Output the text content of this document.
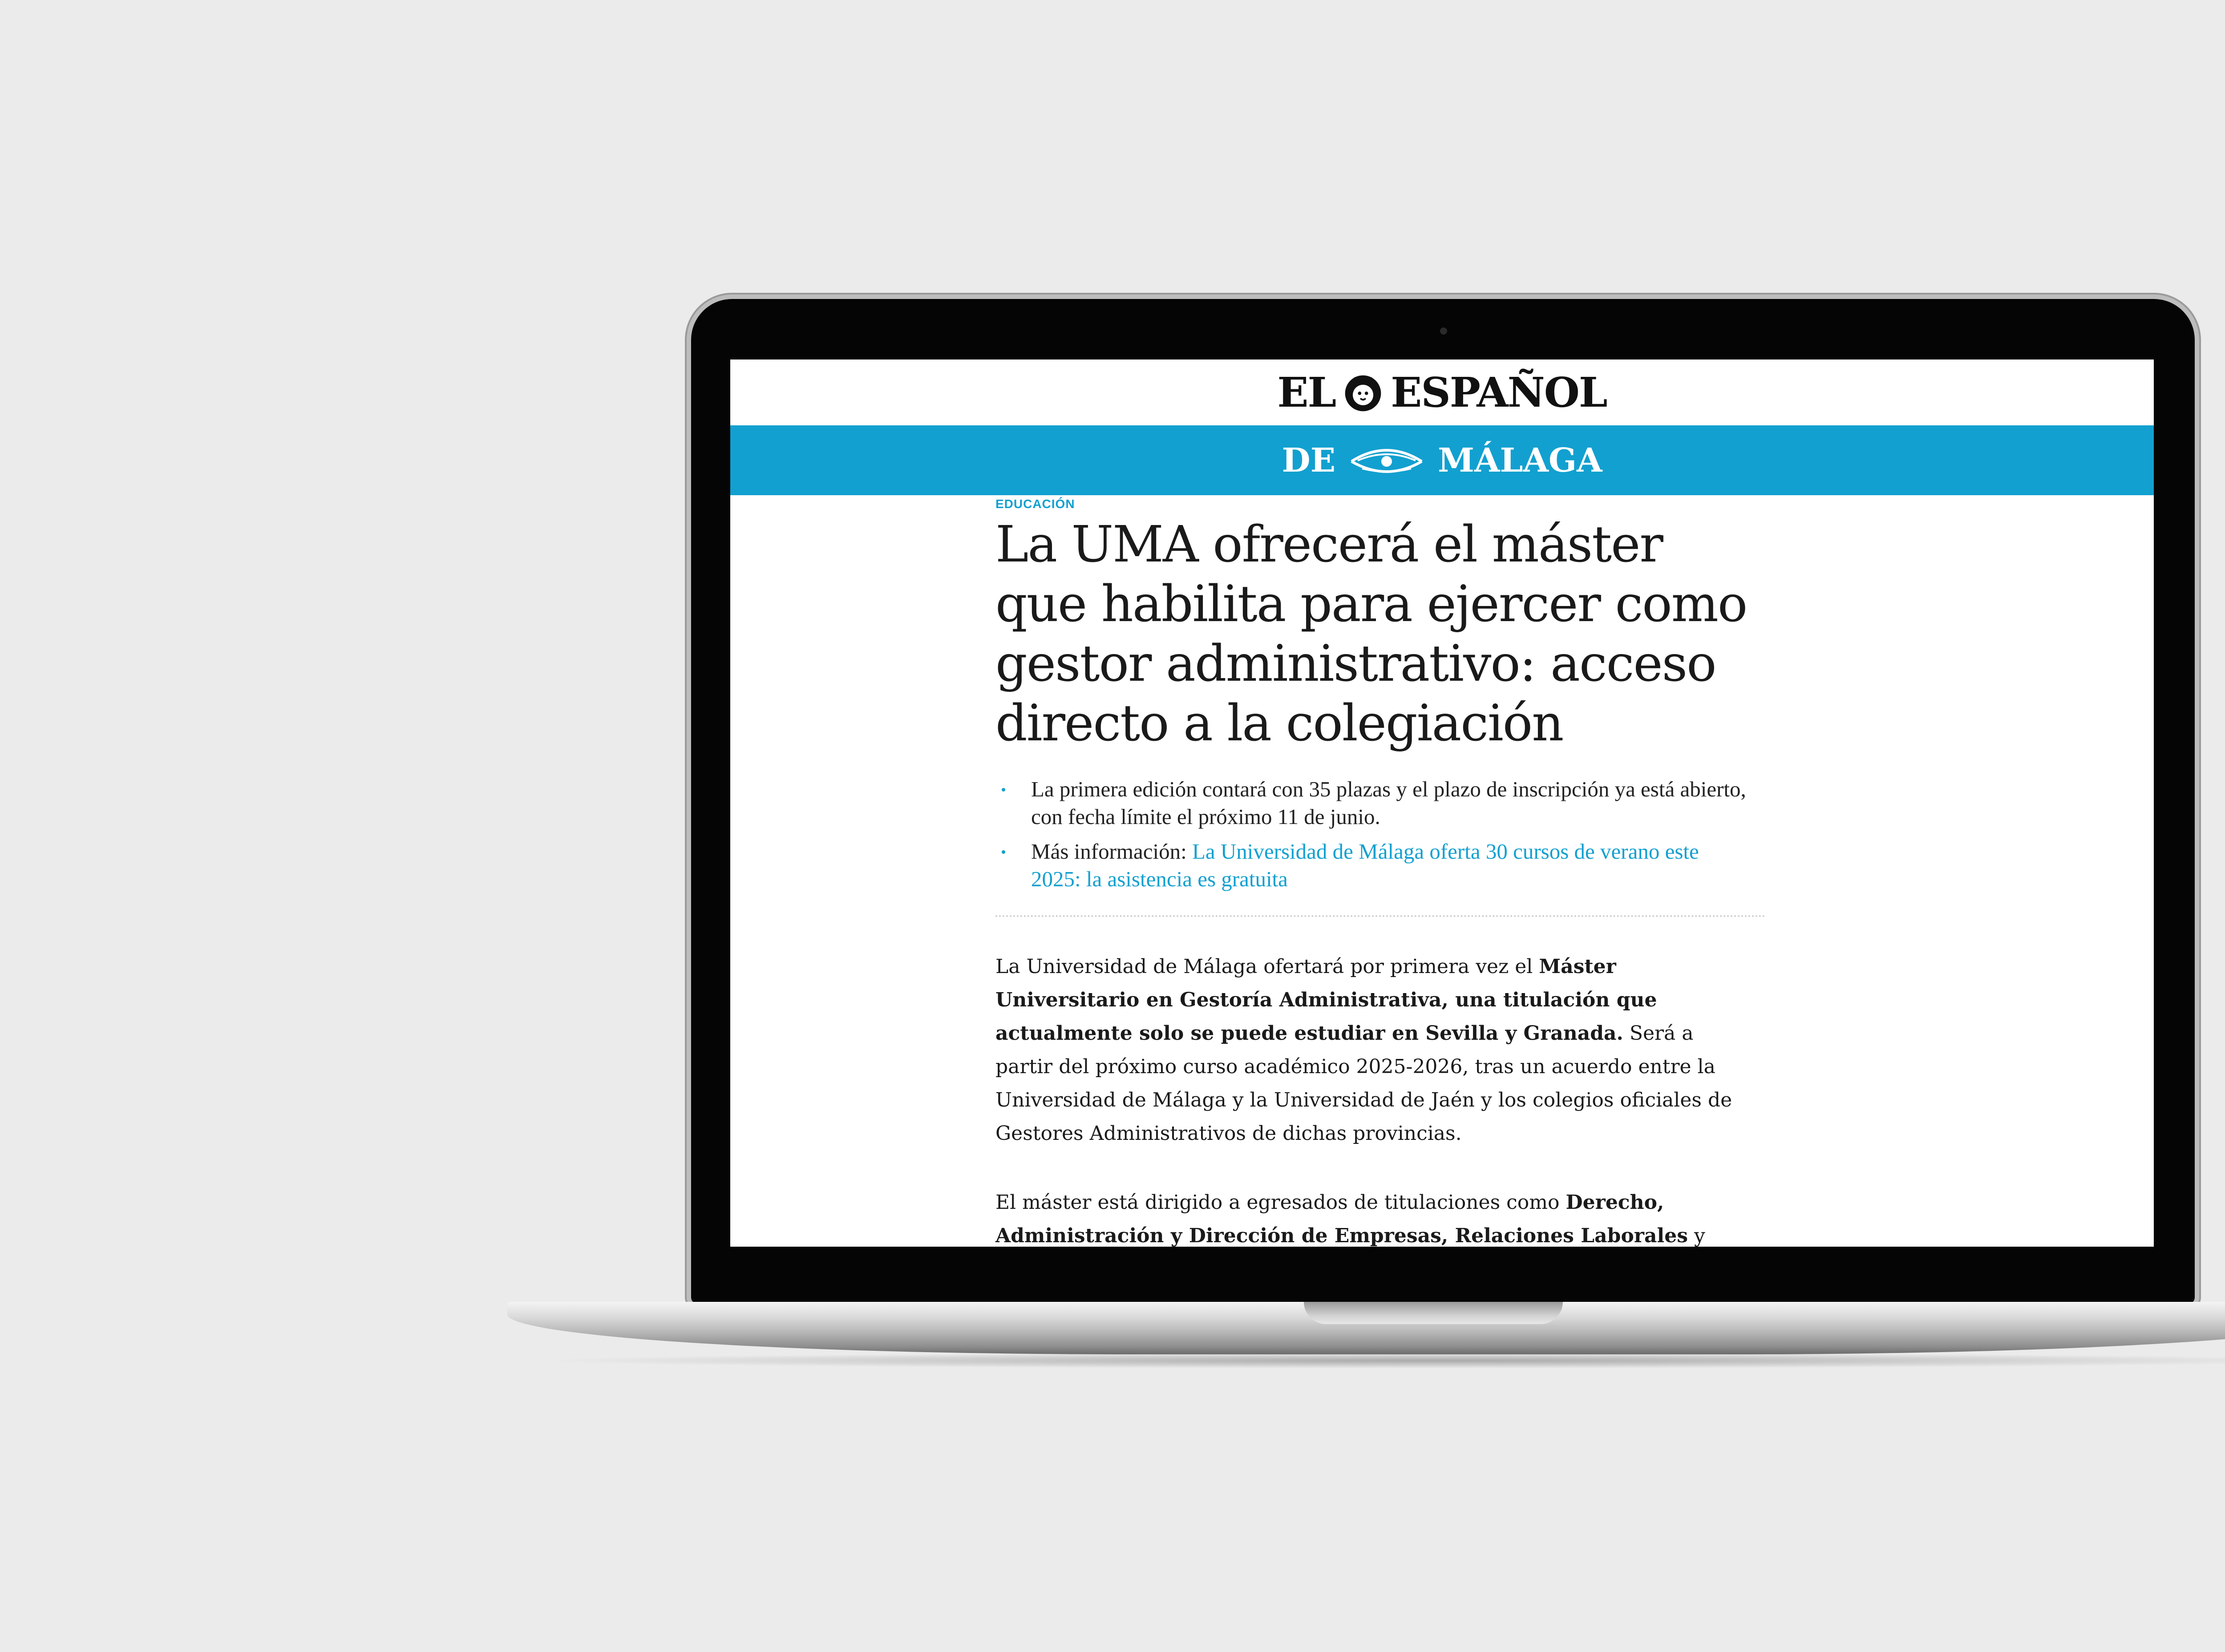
EL ESPAÑOL
DE	MÁLAGA
EDUCACIÓN
La UMA ofrecerá el máster que habilita para ejercer como gestor administrativo: acceso directo a la colegiación
La primera edición contará con 35 plazas y el plazo de inscripción ya está abierto, con fecha límite el próximo 11 de junio.
Más información: La Universidad de Málaga oferta 30 cursos de verano este 2025: la asistencia es gratuita

La Universidad de Málaga ofertará por primera vez el Máster Universitario en Gestoría Administrativa, una titulación que actualmente solo se puede estudiar en Sevilla y Granada. Será a partir del próximo curso académico 2025-2026, tras un acuerdo entre la Universidad de Málaga y la Universidad de Jaén y los colegios oficiales de Gestores Administrativos de dichas provincias.

El máster está dirigido a egresados de titulaciones como Derecho, Administración y Dirección de Empresas, Relaciones Laborales y
